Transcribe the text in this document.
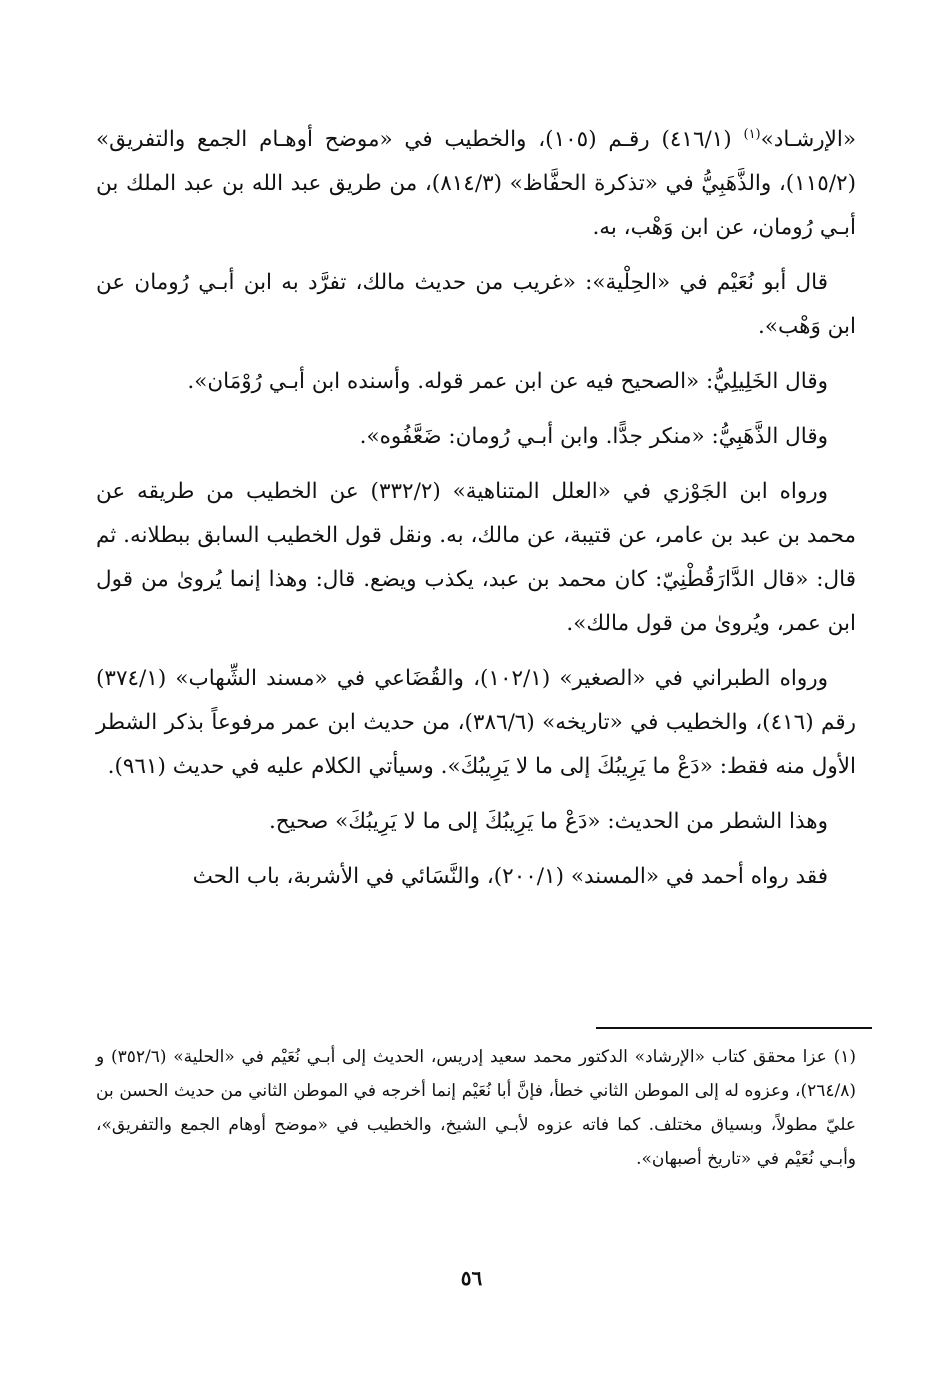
«الإرشـاد»$^{(١)}$ (٤١٦/١) رقـم (١٠٥)، والخطيب في «موضح أوهـام الجمع والتفريق» (١١٥/٢)، والذَّهَبِيُّ في «تذكرة الحفَّاظ» (٨١٤/٣)، من طريق عبد الله بن عبد الملك بن أبـي رُومان، عن ابن وَهْب، به.

قال أبو نُعَيْم في «الحِلْية»: «غريب من حديث مالك، تفرَّد به ابن أبـي رُومان عن ابن وَهْب».

وقال الخَلِيلِيُّ: «الصحيح فيه عن ابن عمر قوله. وأسنده ابن أبـي رُوْمَان».

وقال الذَّهَبِيُّ: «منكر جدًّا. وابن أبـي رُومان: ضَعَّفُوه».

ورواه ابن الجَوْزي في «العلل المتناهية» (٣٣٢/٢) عن الخطيب من طريقه عن محمد بن عبد بن عامر، عن قتيبة، عن مالك، به. ونقل قول الخطيب السابق ببطلانه. ثم قال: «قال الدَّارَقُطْنِيّ: كان محمد بن عبد، يكذب ويضع. قال: وهذا إنما يُروىٰ من قول ابن عمر، ويُروىٰ من قول مالك».

ورواه الطبراني في «الصغير» (١٠٢/١)، والقُضَاعي في «مسند الشِّهاب» (٣٧٤/١) رقم (٤١٦)، والخطيب في «تاريخه» (٣٨٦/٦)، من حديث ابن عمر مرفوعاً بذكر الشطر الأول منه فقط: «دَعْ ما يَرِيبُكَ إلى ما لا يَرِيبُكَ». وسيأتي الكلام عليه في حديث (٩٦١).

وهذا الشطر من الحديث: «دَعْ ما يَرِيبُكَ إلى ما لا يَرِيبُكَ» صحيح.

فقد رواه أحمد في «المسند» (٢٠٠/١)، والنَّسَائي في الأشربة، باب الحث

(١) عزا محقق كتاب «الإرشاد» الدكتور محمد سعيد إدريس، الحديث إلى أبـي نُعَيْم في «الحلية» (٣٥٢/٦) و (٢٦٤/٨)، وعزوه له إلى الموطن الثاني خطأ، فإنَّ أبا نُعَيْم إنما أخرجه في الموطن الثاني من حديث الحسن بن عليّ مطولاً، وبسياق مختلف. كما فاته عزوه لأبـي الشيخ، والخطيب في «موضح أوهام الجمع والتفريق»، وأبـي نُعَيْم في «تاريخ أصبهان».

٥٦
